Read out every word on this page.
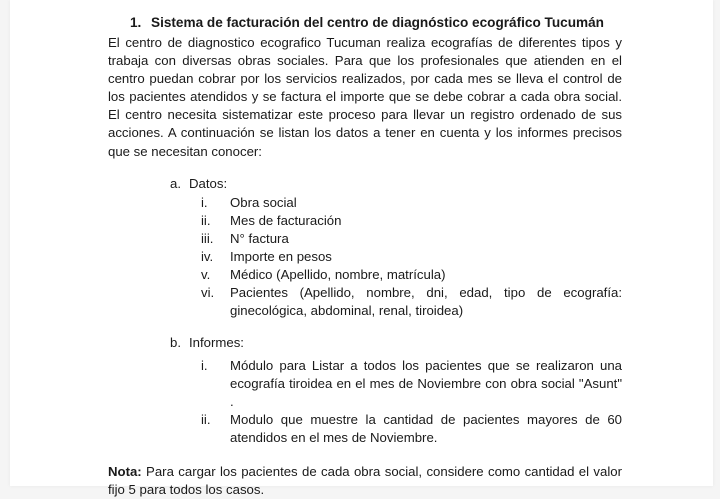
1. Sistema de facturación del centro de diagnóstico ecográfico Tucumán

El centro de diagnostico ecografico Tucuman realiza ecografías de diferentes tipos y trabaja con diversas obras sociales. Para que los profesionales que atienden en el centro puedan cobrar por los servicios realizados, por cada mes se lleva el control de los pacientes atendidos y se factura el importe que se debe cobrar a cada obra social. El centro necesita sistematizar este proceso para llevar un registro ordenado de sus acciones. A continuación se listan los datos a tener en cuenta y los informes precisos que se necesitan conocer:

a. Datos:

i. Obra social
ii. Mes de facturación
iii. N° factura
iv. Importe en pesos
v. Médico (Apellido, nombre, matrícula)
vi. Pacientes (Apellido, nombre, dni, edad, tipo de ecografía: ginecológica, abdominal, renal, tiroidea)

b. Informes:

i. Módulo para Listar a todos los pacientes que se realizaron una ecografía tiroidea en el mes de Noviembre con obra social "Asunt" .
ii. Modulo que muestre la cantidad de pacientes mayores de 60 atendidos en el mes de Noviembre.

Nota: Para cargar los pacientes de cada obra social, considere como cantidad el valor fijo 5 para todos los casos.
